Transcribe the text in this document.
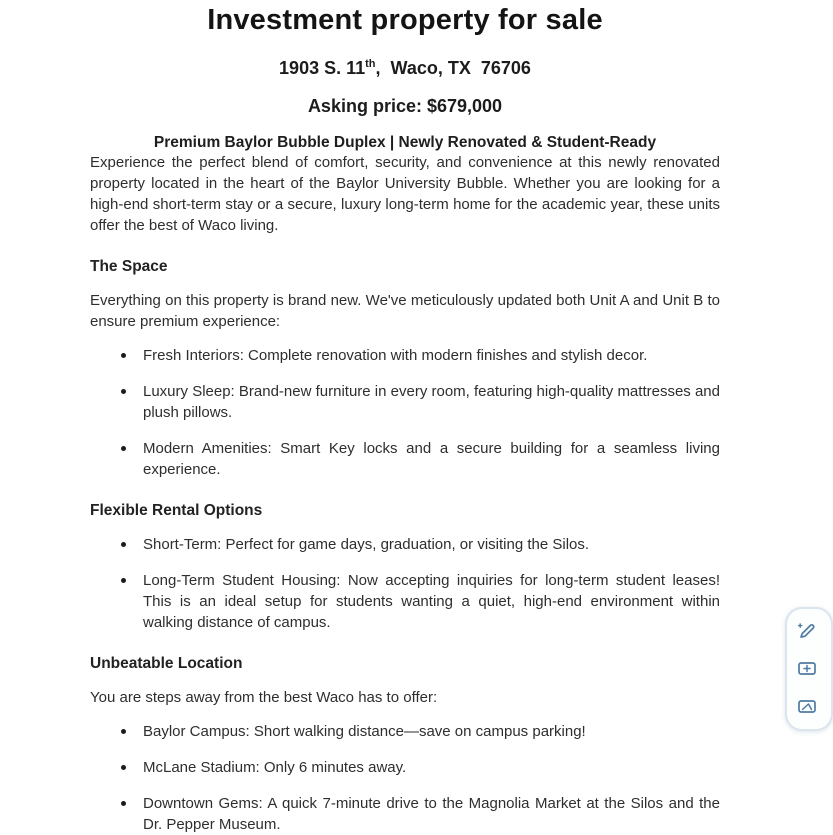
Investment property for sale
1903 S. 11th,  Waco, TX  76706
Asking price: $679,000
Premium Baylor Bubble Duplex | Newly Renovated & Student-Ready

Experience the perfect blend of comfort, security, and convenience at this newly renovated property located in the heart of the Baylor University Bubble. Whether you are looking for a high-end short-term stay or a secure, luxury long-term home for the academic year, these units offer the best of Waco living.

The Space

Everything on this property is brand new. We've meticulously updated both Unit A and Unit B to ensure premium experience:

Fresh Interiors: Complete renovation with modern finishes and stylish decor.
Luxury Sleep: Brand-new furniture in every room, featuring high-quality mattresses and plush pillows.
Modern Amenities: Smart Key locks and a secure building for a seamless living experience.
Flexible Rental Options
Short-Term: Perfect for game days, graduation, or visiting the Silos.
Long-Term Student Housing: Now accepting inquiries for long-term student leases! This is an ideal setup for students wanting a quiet, high-end environment within walking distance of campus.
Unbeatable Location

You are steps away from the best Waco has to offer:

Baylor Campus: Short walking distance—save on campus parking!
McLane Stadium: Only 6 minutes away.
Downtown Gems: A quick 7-minute drive to the Magnolia Market at the Silos and the Dr. Pepper Museum.
